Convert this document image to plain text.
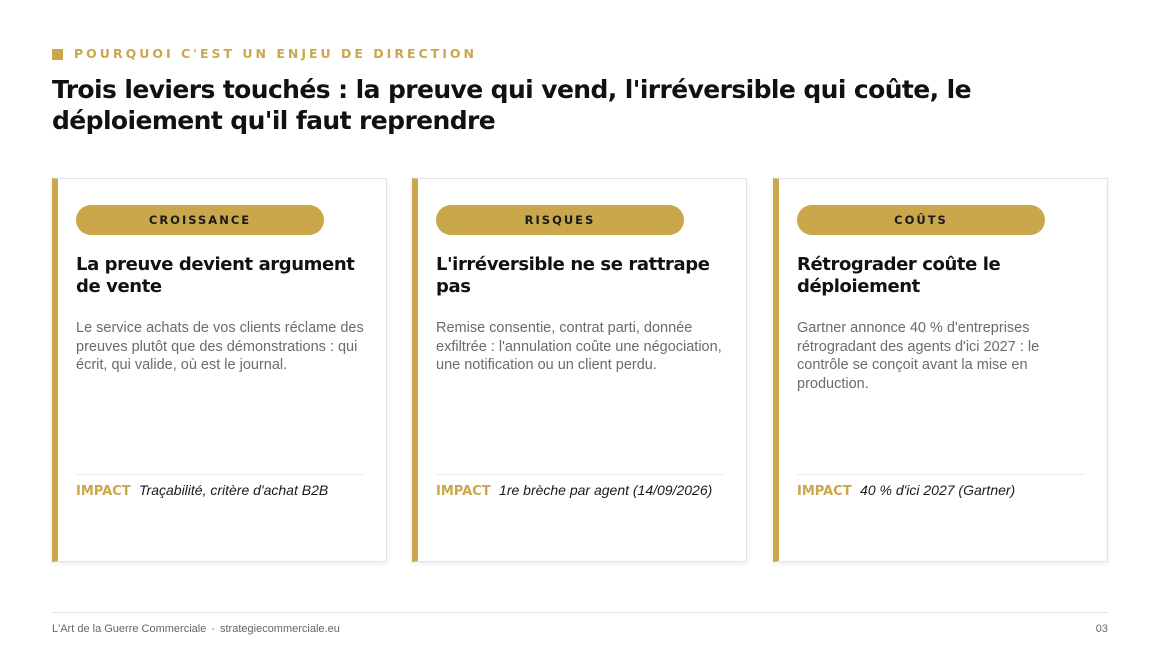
POURQUOI C'EST UN ENJEU DE DIRECTION
Trois leviers touchés : la preuve qui vend, l'irréversible qui coûte, le déploiement qu'il faut reprendre
CROISSANCE
La preuve devient argument de vente

Le service achats de vos clients réclame des preuves plutôt que des démonstrations : qui écrit, qui valide, où est le journal.

IMPACT Traçabilité, critère d'achat B2B
RISQUES
L'irréversible ne se rattrape pas

Remise consentie, contrat parti, donnée exfiltrée : l'annulation coûte une négociation, une notification ou un client perdu.

IMPACT 1re brèche par agent (14/09/2026)
COÛTS
Rétrograder coûte le déploiement

Gartner annonce 40 % d'entreprises rétrogradant des agents d'ici 2027 : le contrôle se conçoit avant la mise en production.

IMPACT 40 % d'ici 2027 (Gartner)
L'Art de la Guerre Commerciale · strategiecommerciale.eu	03
